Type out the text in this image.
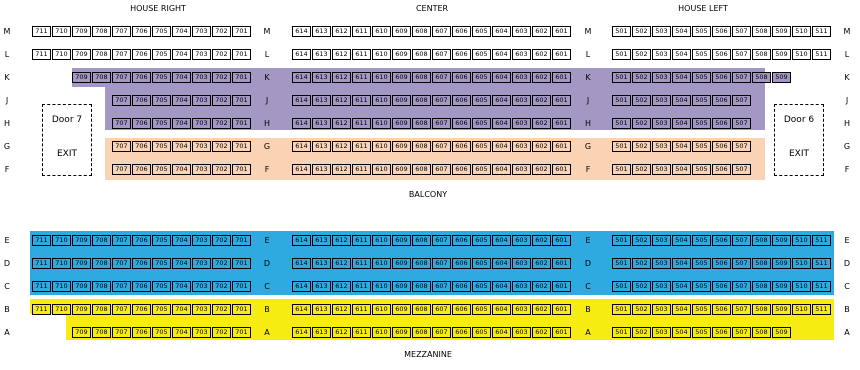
HOUSE RIGHT	CENTER	HOUSE LEFT
BALCONY
MEZZANINE
M	M	M	M
711	710	709	708	707	706	705	704	703	702	701	614	613	612	611	610	609	608	607	606	605	604	603	602	601	501	502	503	504	505	506	507	508	509	510	511
L	L	L	L
711	710	709	708	707	706	705	704	703	702	701	614	613	612	611	610	609	608	607	606	605	604	603	602	601	501	502	503	504	505	506	507	508	509	510	511
K	K	K	K
709	708	707	706	705	704	703	702	701	614	613	612	611	610	609	608	607	606	605	604	603	602	601	501	502	503	504	505	506	507	508	509
J	J	J	J
707	706	705	704	703	702	701	614	613	612	611	610	609	608	607	606	605	604	603	602	601	501	502	503	504	505	506	507
H	H	H	H
707	706	705	704	703	702	701	614	613	612	611	610	609	608	607	606	605	604	603	602	601	501	502	503	504	505	506	507
G	G	G	G
707	706	705	704	703	702	701	614	613	612	611	610	609	608	607	606	605	604	603	602	601	501	502	503	504	505	506	507
F	F	F	F
707	706	705	704	703	702	701	614	613	612	611	610	609	608	607	606	605	604	603	602	601	501	502	503	504	505	506	507
E	E	E	E
711	710	709	708	707	706	705	704	703	702	701	614	613	612	611	610	609	608	607	606	605	604	603	602	601	501	502	503	504	505	506	507	508	509	510	511
D	D	D	D
711	710	709	708	707	706	705	704	703	702	701	614	613	612	611	610	609	608	607	606	605	604	603	602	601	501	502	503	504	505	506	507	508	509	510	511
C	C	C	C
711	710	709	708	707	706	705	704	703	702	701	614	613	612	611	610	609	608	607	606	605	604	603	602	601	501	502	503	504	505	506	507	508	509	510	511
B	B	B	B
711	710	709	708	707	706	705	704	703	702	701	614	613	612	611	610	609	608	607	606	605	604	603	602	601	501	502	503	504	505	506	507	508	509	510	511
A	A	A	A
709	708	707	706	705	704	703	702	701	614	613	612	611	610	609	608	607	606	605	604	603	602	601	501	502	503	504	505	506	507	508	509
Door 7
EXIT
Door 6
EXIT
